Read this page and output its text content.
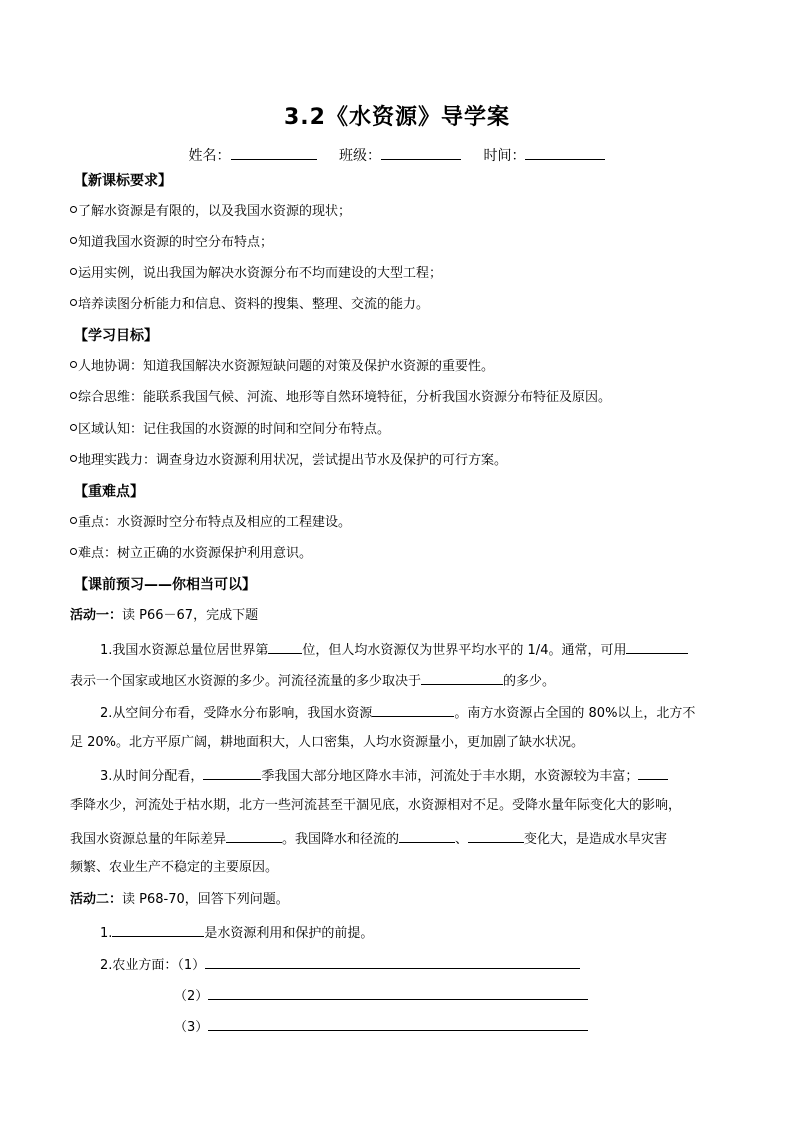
3.2《水资源》导学案
姓名：	班级：	时间：
【新课标要求】
了解水资源是有限的，以及我国水资源的现状；
知道我国水资源的时空分布特点；
运用实例，说出我国为解决水资源分布不均而建设的大型工程；
培养读图分析能力和信息、资料的搜集、整理、交流的能力。
【学习目标】
人地协调：知道我国解决水资源短缺问题的对策及保护水资源的重要性。
综合思维：能联系我国气候、河流、地形等自然环境特征，分析我国水资源分布特征及原因。
区域认知：记住我国的水资源的时间和空间分布特点。
地理实践力：调查身边水资源利用状况，尝试提出节水及保护的可行方案。
【重难点】
重点：水资源时空分布特点及相应的工程建设。
难点：树立正确的水资源保护利用意识。
【课前预习——你相当可以】
活动一：读 P66－67，完成下题
1.我国水资源总量位居世界第	位，但人均水资源仅为世界平均水平的 1/4。通常，可用
表示一个国家或地区水资源的多少。河流径流量的多少取决于	的多少。
2.从空间分布看，受降水分布影响，我国水资源	。南方水资源占全国的 80%以上，北方不
足 20%。北方平原广阔，耕地面积大，人口密集，人均水资源量小，更加剧了缺水状况。
3.从时间分配看，	季我国大部分地区降水丰沛，河流处于丰水期，水资源较为丰富；
季降水少，河流处于枯水期，北方一些河流甚至干涸见底，水资源相对不足。受降水量年际变化大的影响，
我国水资源总量的年际差异	。我国降水和径流的	、	变化大，是造成水旱灾害
频繁、农业生产不稳定的主要原因。
活动二：读 P68-70，回答下列问题。
1.	是水资源利用和保护的前提。
2.农业方面：（1）
（2）
（3）
